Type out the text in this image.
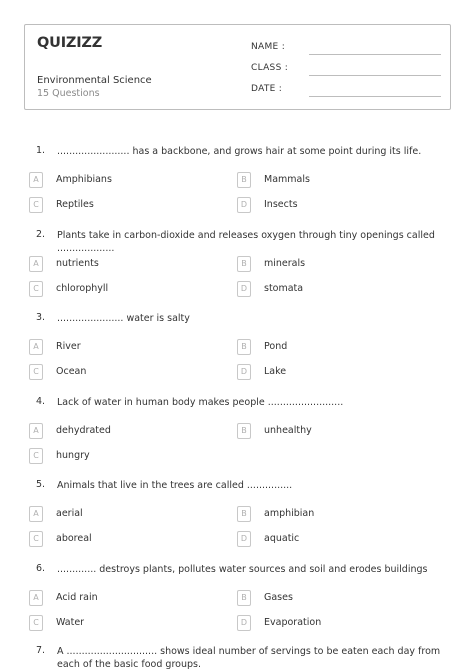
QUIZIZZ
Environmental Science
15 Questions
NAME :
CLASS :
DATE :
1. ........................ has a backbone, and grows hair at some point during its life.
A	Amphibians	B	Mammals
C	Reptiles	D	Insects
2. Plants take in carbon-dioxide and releases oxygen through tiny openings called ...................
A	nutrients	B	minerals
C	chlorophyll	D	stomata
3. ...................... water is salty
A	River	B	Pond
C	Ocean	D	Lake
4. Lack of water in human body makes people .........................
A	dehydrated	B	unhealthy
C	hungry
5. Animals that live in the trees are called ...............
A	aerial	B	amphibian
C	aboreal	D	aquatic
6. ............. destroys plants, pollutes water sources and soil and erodes buildings
A	Acid rain	B	Gases
C	Water	D	Evaporation
7. A .............................. shows ideal number of servings to be eaten each day from each of the basic food groups.
